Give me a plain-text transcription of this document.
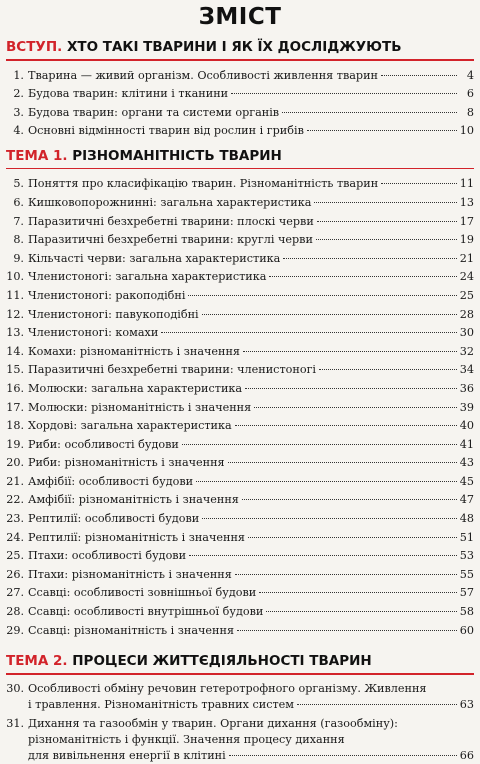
ЗМІСТ
ВСТУП. ХТО ТАКІ ТВАРИНИ І ЯК ЇХ ДОСЛІДЖУЮТЬ
1. Тварина — живий організм. Особливості живлення тварин	4
2. Будова тварин: клітини і тканини	6
3. Будова тварин: органи та системи органів	8
4. Основні відмінності тварин від рослин і грибів	10
ТЕМА 1. РІЗНОМАНІТНІСТЬ ТВАРИН
5. Поняття про класифікацію тварин. Різноманітність тварин	11
6. Кишковопорожнинні: загальна характеристика	13
7. Паразитичні безхребетні тварини: плоскі черви	17
8. Паразитичні безхребетні тварини: круглі черви	19
9. Кільчасті черви: загальна характеристика	21
10. Членистоногі: загальна характеристика	24
11. Членистоногі: ракоподібні	25
12. Членистоногі: павукоподібні	28
13. Членистоногі: комахи	30
14. Комахи: різноманітність і значення	32
15. Паразитичні безхребетні тварини: членистоногі	34
16. Молюски: загальна характеристика	36
17. Молюски: різноманітність і значення	39
18. Хордові: загальна характеристика	40
19. Риби: особливості будови	41
20. Риби: різноманітність і значення	43
21. Амфібії: особливості будови	45
22. Амфібії: різноманітність і значення	47
23. Рептилії: особливості будови	48
24. Рептилії: різноманітність і значення	51
25. Птахи: особливості будови	53
26. Птахи: різноманітність і значення	55
27. Ссавці: особливості зовнішньої будови	57
28. Ссавці: особливості внутрішньої будови	58
29. Ссавці: різноманітність і значення	60
ТЕМА 2. ПРОЦЕСИ ЖИТТЄДІЯЛЬНОСТІ ТВАРИН
30. Особливості обміну речовин гетеротрофного організму. Живлення
і травлення. Різноманітність травних систем	63
31. Дихання та газообмін у тварин. Органи дихання (газообміну):
різноманітність і функції. Значення процесу дихання
для вивільнення енергії в клітині	66
